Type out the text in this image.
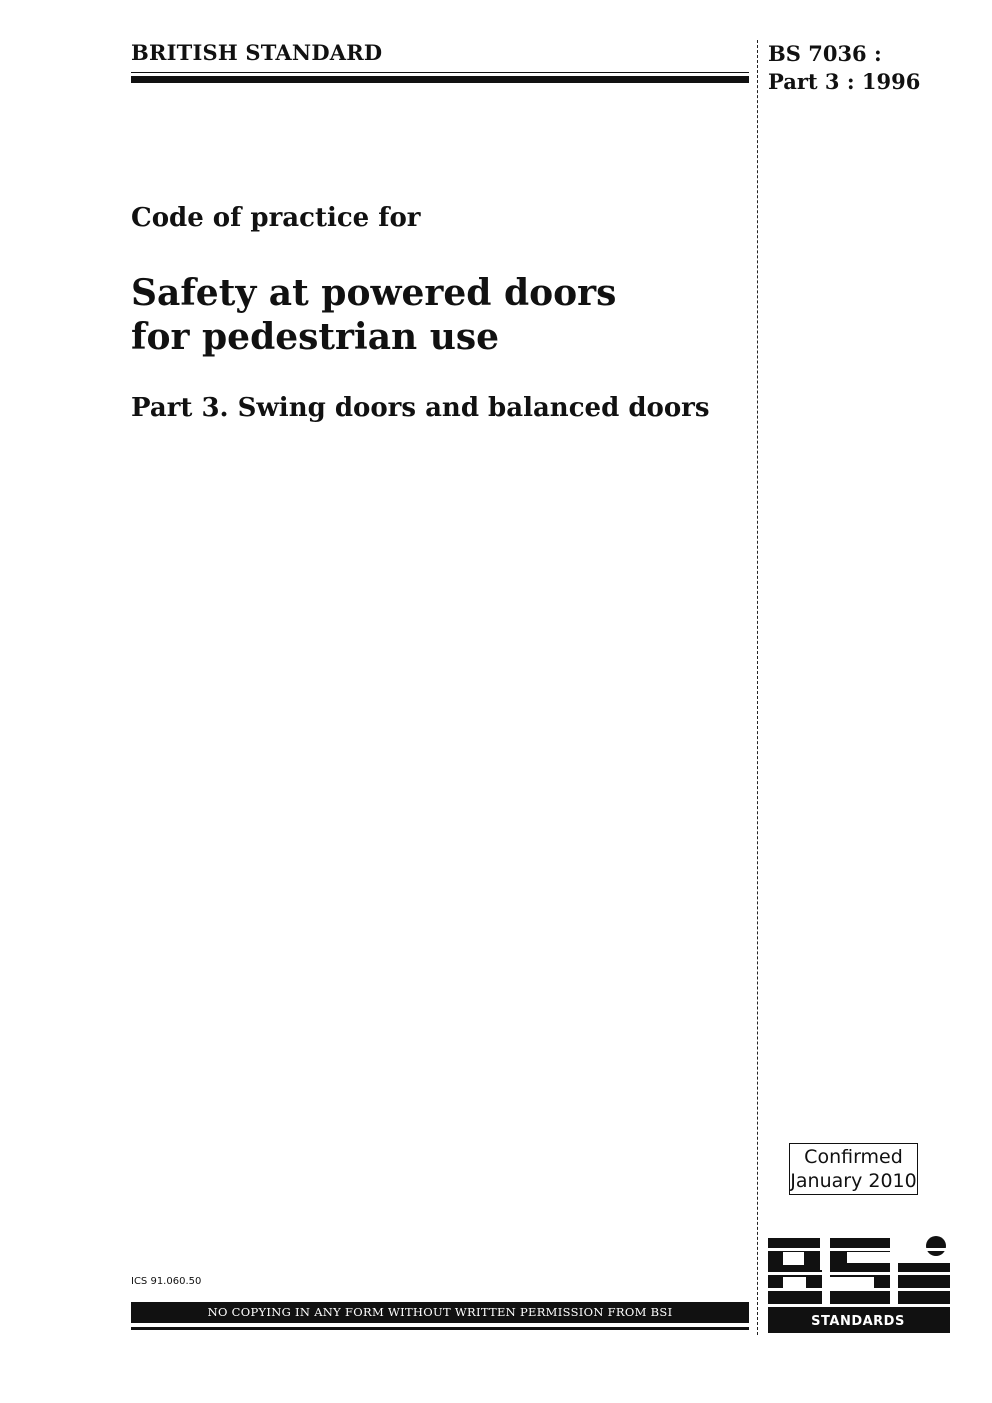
BRITISH STANDARD	BS 7036 :
Part 3 : 1996
Code of practice for
Safety at powered doors
for pedestrian use
Part 3. Swing doors and balanced doors
Confirmed
January 2010
STANDARDS
ICS 91.060.50
NO COPYING IN ANY FORM WITHOUT WRITTEN PERMISSION FROM BSI
